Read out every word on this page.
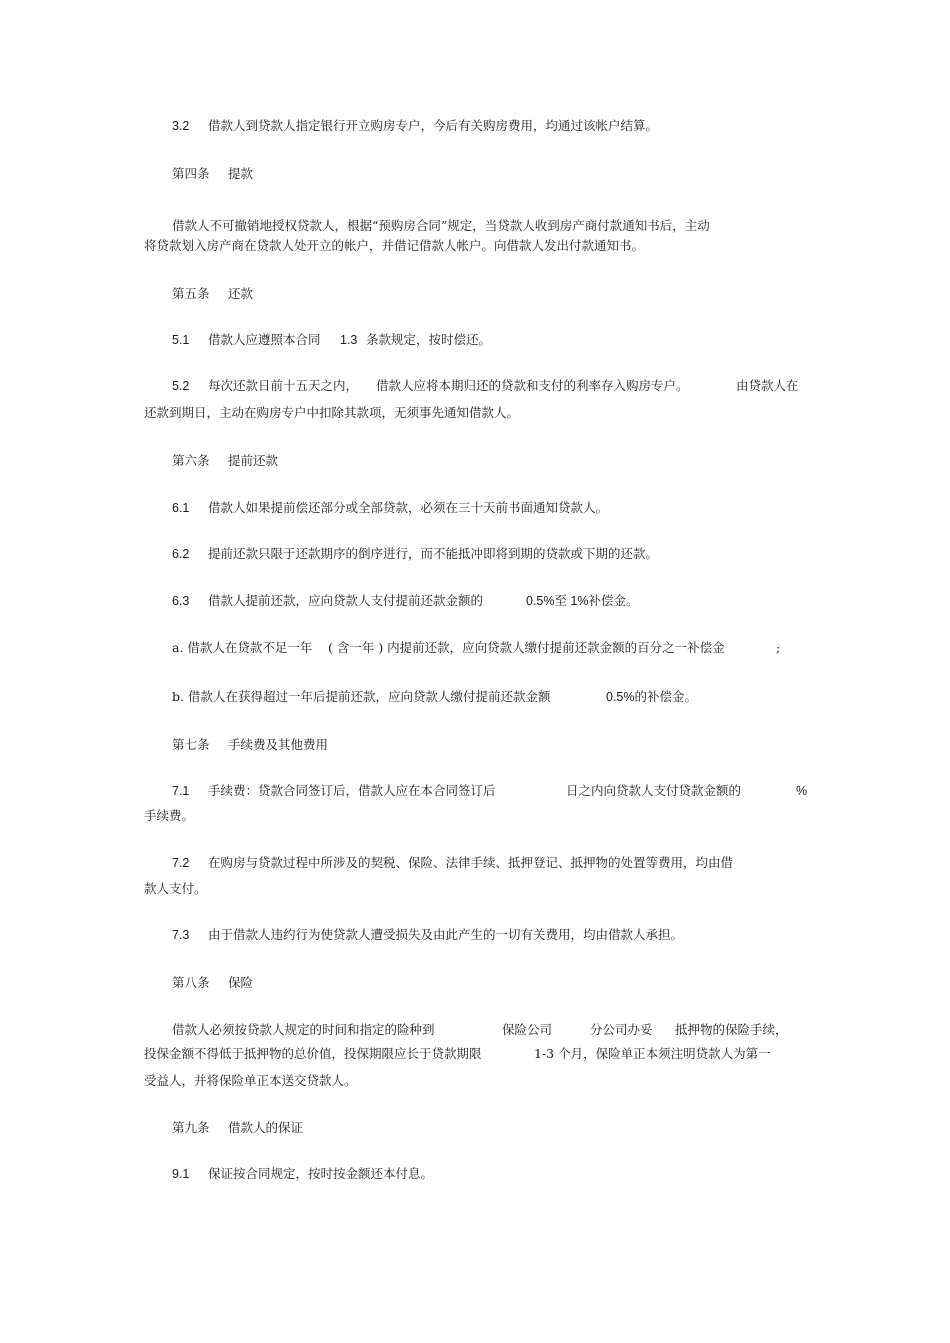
3.2 借款人到贷款人指定银行开立购房专户，今后有关购房费用，均通过该帐户结算。
第四条 提款
借款人不可撤销地授权贷款人，根据“预购房合同”规定，当贷款人收到房产商付款通知书后，主动
将贷款划入房产商在贷款人处开立的帐户，并借记借款人帐户。向借款人发出付款通知书。
第五条 还款
5.1 借款人应遵照本合同 1.3 条款规定，按时偿还。
5.2 每次还款日前十五天之内， 借款人应将本期归还的贷款和支付的利率存入购房专户。	由贷款人在
还款到期日，主动在购房专户中扣除其款项，无须事先通知借款人。
第六条 提前还款
6.1 借款人如果提前偿还部分或全部贷款，必须在三十天前书面通知贷款人。
6.2 提前还款只限于还款期序的倒序进行，而不能抵冲即将到期的贷款或下期的还款。
6.3 借款人提前还款，应向贷款人支付提前还款金额的	0.5%至 1%补偿金。
a. 借款人在贷款不足一年 ( 含一年 ) 内提前还款，应向贷款人缴付提前还款金额的百分之一补偿金	;
b. 借款人在获得超过一年后提前还款，应向贷款人缴付提前还款金额	0.5%的补偿金。
第七条 手续费及其他费用
7.1 手续费：贷款合同签订后，借款人应在本合同签订后	日之内向贷款人支付贷款金额的	%
手续费。
7.2 在购房与贷款过程中所涉及的契税、保险、法律手续、抵押登记、抵押物的处置等费用，均由借
款人支付。
7.3 由于借款人违约行为使贷款人遭受损失及由此产生的一切有关费用，均由借款人承担。
第八条 保险
借款人必须按贷款人规定的时间和指定的险种到	保险公司	分公司办妥 抵押物的保险手续，
投保金额不得低于抵押物的总价值，投保期限应长于贷款期限	1-3 个月，保险单正本须注明贷款人为第一
受益人，并将保险单正本送交贷款人。
第九条 借款人的保证
9.1 保证按合同规定，按时按金额还本付息。
